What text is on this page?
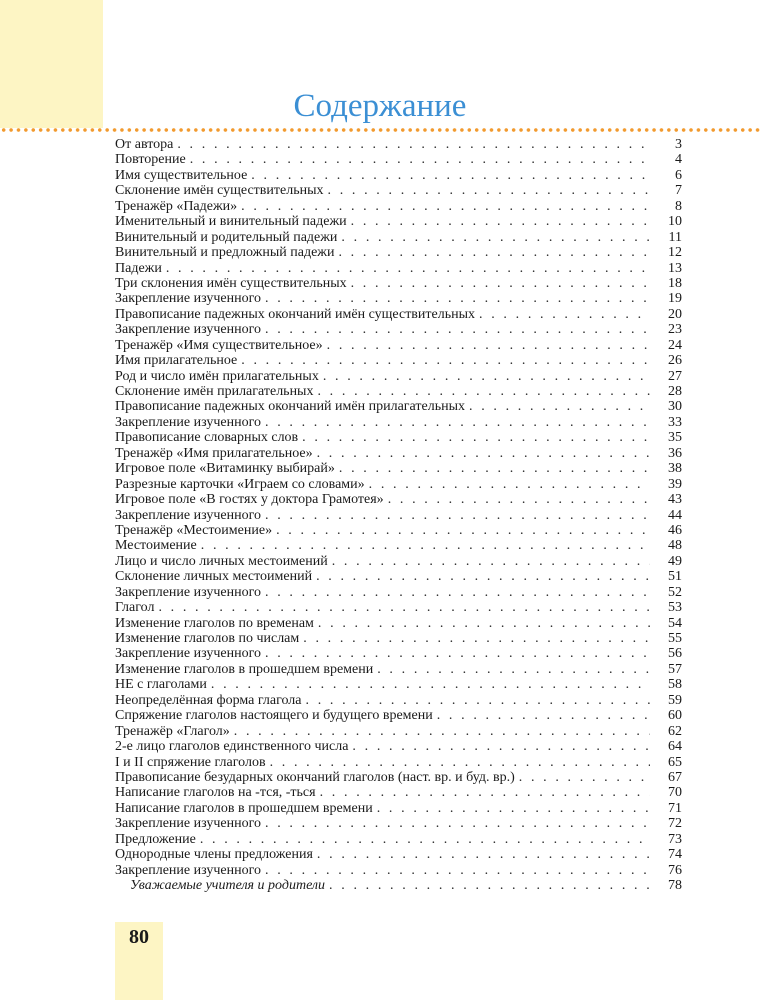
Содержание
От автора . . .	3
Повторение . . .	4
Имя существительное . . .	6
Склонение имён существительных . . .	7
Тренажёр «Падежи» . . .	8
Именительный и винительный падежи . . .	10
Винительный и родительный падежи . . .	11
Винительный и предложный падежи . . .	12
Падежи . . .	13
Три склонения имён существительных . . .	18
Закрепление изученного . . .	19
Правописание падежных окончаний имён существительных . . .	20
Закрепление изученного . . .	23
Тренажёр «Имя существительное» . . .	24
Имя прилагательное . . .	26
Род и число имён прилагательных . . .	27
Склонение имён прилагательных . . .	28
Правописание падежных окончаний имён прилагательных . . .	30
Закрепление изученного . . .	33
Правописание словарных слов . . .	35
Тренажёр «Имя прилагательное» . . .	36
Игровое поле «Витаминку выбирай» . . .	38
Разрезные карточки «Играем со словами» . . .	39
Игровое поле «В гостях у доктора Грамотея» . . .	43
Закрепление изученного . . .	44
Тренажёр «Местоимение» . . .	46
Местоимение . . .	48
Лицо и число личных местоимений . . .	49
Склонение личных местоимений . . .	51
Закрепление изученного . . .	52
Глагол . . .	53
Изменение глаголов по временам . . .	54
Изменение глаголов по числам . . .	55
Закрепление изученного . . .	56
Изменение глаголов в прошедшем времени . . .	57
НЕ с глаголами . . .	58
Неопределённая форма глагола . . .	59
Спряжение глаголов настоящего и будущего времени . . .	60
Тренажёр «Глагол» . . .	62
2-е лицо глаголов единственного числа . . .	64
I и II спряжение глаголов . . .	65
Правописание безударных окончаний глаголов (наст. вр. и буд. вр.) . . .	67
Написание глаголов на -тся, -ться . . .	70
Написание глаголов в прошедшем времени . . .	71
Закрепление изученного . . .	72
Предложение . . .	73
Однородные члены предложения . . .	74
Закрепление изученного . . .	76
Уважаемые учителя и родители . . .	78
80
